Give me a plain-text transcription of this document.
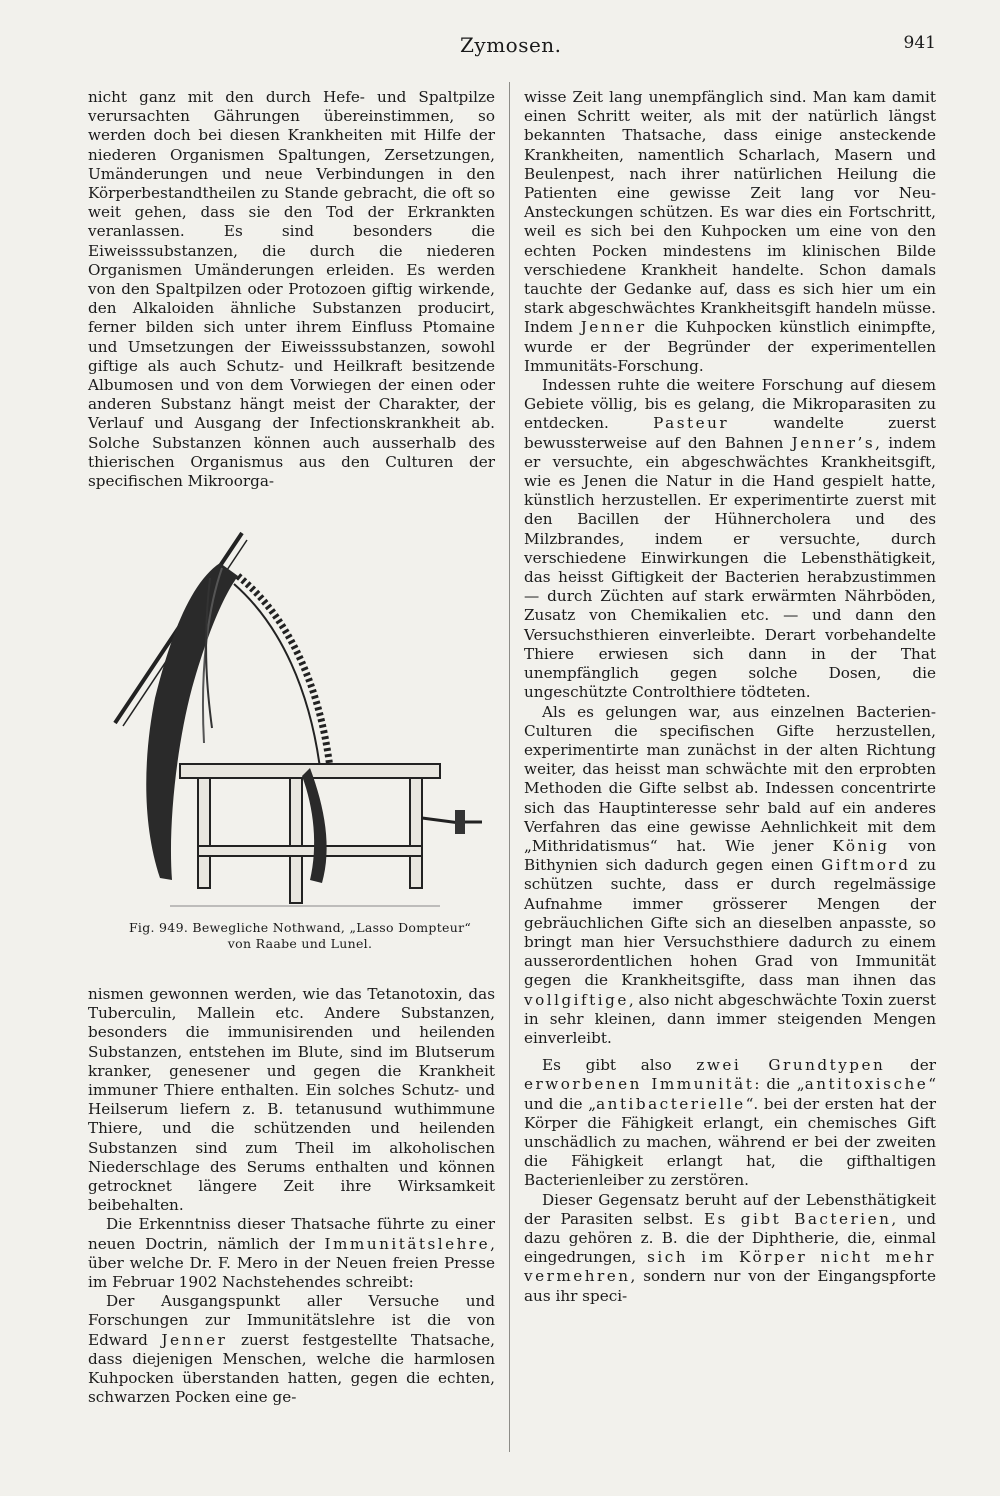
Zymosen.	941

nicht ganz mit den durch Hefe- und Spaltpilze verursachten Gährungen übereinstimmen, so werden doch bei diesen Krankheiten mit Hilfe der niederen Organismen Spaltungen, Zersetzungen, Umänderungen und neue Verbindungen in den Körperbestandtheilen zu Stande gebracht, die oft so weit gehen, dass sie den Tod der Erkrankten veranlassen. Es sind besonders die Eiweisssubstanzen, die durch die niederen Organismen Umänderungen erleiden. Es werden von den Spaltpilzen oder Protozoen giftig wirkende, den Alkaloiden ähnliche Substanzen producirt, ferner bilden sich unter ihrem Einfluss Ptomaine und Umsetzungen der Eiweisssubstanzen, sowohl giftige als auch Schutz- und Heilkraft besitzende Albumosen und von dem Vorwiegen der einen oder anderen Substanz hängt meist der Charakter, der Verlauf und Ausgang der Infectionskrankheit ab. Solche Substanzen können auch ausserhalb des thierischen Organismus aus den Culturen der specifischen Mikroorga-

Fig. 949. Bewegliche Nothwand, „Lasso Dompteur“
von Raabe und Lunel.

nismen gewonnen werden, wie das Tetanotoxin, das Tuberculin, Mallein etc. Andere Substanzen, besonders die immunisirenden und heilenden Substanzen, entstehen im Blute, sind im Blutserum kranker, genesener und gegen die Krankheit immuner Thiere enthalten. Ein solches Schutz- und Heilserum liefern z. B. tetanusund wuthimmune Thiere, und die schützenden und heilenden Substanzen sind zum Theil im alkoholischen Niederschlage des Serums enthalten und können getrocknet längere Zeit ihre Wirksamkeit beibehalten.

Die Erkenntniss dieser Thatsache führte zu einer neuen Doctrin, nämlich der Immunitätslehre, über welche Dr. F. Mero in der Neuen freien Presse im Februar 1902 Nachstehendes schreibt:

Der Ausgangspunkt aller Versuche und Forschungen zur Immunitätslehre ist die von Edward Jenner zuerst festgestellte Thatsache, dass diejenigen Menschen, welche die harmlosen Kuhpocken überstanden hatten, gegen die echten, schwarzen Pocken eine ge-

wisse Zeit lang unempfänglich sind. Man kam damit einen Schritt weiter, als mit der natürlich längst bekannten Thatsache, dass einige ansteckende Krankheiten, namentlich Scharlach, Masern und Beulenpest, nach ihrer natürlichen Heilung die Patienten eine gewisse Zeit lang vor Neu-Ansteckungen schützen. Es war dies ein Fortschritt, weil es sich bei den Kuhpocken um eine von den echten Pocken mindestens im klinischen Bilde verschiedene Krankheit handelte. Schon damals tauchte der Gedanke auf, dass es sich hier um ein stark abgeschwächtes Krankheitsgift handeln müsse. Indem Jenner die Kuhpocken künstlich einimpfte, wurde er der Begründer der experimentellen Immunitäts-Forschung.

Indessen ruhte die weitere Forschung auf diesem Gebiete völlig, bis es gelang, die Mikroparasiten zu entdecken. Pasteur wandelte zuerst bewussterweise auf den Bahnen Jenner’s, indem er versuchte, ein abgeschwächtes Krankheitsgift, wie es Jenen die Natur in die Hand gespielt hatte, künstlich herzustellen. Er experimentirte zuerst mit den Bacillen der Hühnercholera und des Milzbrandes, indem er versuchte, durch verschiedene Einwirkungen die Lebensthätigkeit, das heisst Giftigkeit der Bacterien herabzustimmen — durch Züchten auf stark erwärmten Nährböden, Zusatz von Chemikalien etc. — und dann den Versuchsthieren einverleibte. Derart vorbehandelte Thiere erwiesen sich dann in der That unempfänglich gegen solche Dosen, die ungeschützte Controlthiere tödteten.

Als es gelungen war, aus einzelnen Bacterien-Culturen die specifischen Gifte herzustellen, experimentirte man zunächst in der alten Richtung weiter, das heisst man schwächte mit den erprobten Methoden die Gifte selbst ab. Indessen concentrirte sich das Hauptinteresse sehr bald auf ein anderes Verfahren das eine gewisse Aehnlichkeit mit dem „Mithridatismus“ hat. Wie jener König von Bithynien sich dadurch gegen einen Giftmord zu schützen suchte, dass er durch regelmässige Aufnahme immer grösserer Mengen der gebräuchlichen Gifte sich an dieselben anpasste, so bringt man hier Versuchsthiere dadurch zu einem ausserordentlichen hohen Grad von Immunität gegen die Krankheitsgifte, dass man ihnen das vollgiftige, also nicht abgeschwächte Toxin zuerst in sehr kleinen, dann immer steigenden Mengen einverleibt.

Es gibt also zwei Grundtypen der erworbenen Immunität: die „antitoxische“ und die „antibacterielle“. bei der ersten hat der Körper die Fähigkeit erlangt, ein chemisches Gift unschädlich zu machen, während er bei der zweiten die Fähigkeit erlangt hat, die gifthaltigen Bacterienleiber zu zerstören.

Dieser Gegensatz beruht auf der Lebensthätigkeit der Parasiten selbst. Es gibt Bacterien, und dazu gehören z. B. die der Diphtherie, die, einmal eingedrungen, sich im Körper nicht mehr vermehren, sondern nur von der Eingangspforte aus ihr speci-
